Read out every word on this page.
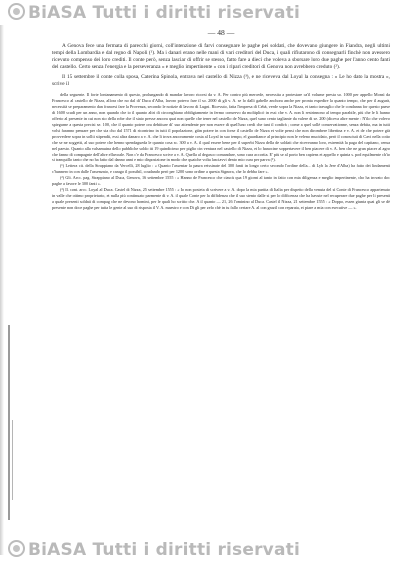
BiASA Tutti i diritti riservati
— 48 —

A Genova fece una fermata di parecchi giorni, coll'intenzione di farvi consegnare le paghe pei soldati, che dovevano giungere in Fiandra, negli ultimi tempi della Lombardia e dal regno di Napoli (¹). Ma i danari erano nelle mani di vari creditori del Duca, i quali rifiutarono di consegnarli finchè non avessero ricevuto compenso dei loro crediti. Il conte però, senza lasciar di offrir se stesso, fatto fare a dieci che voleva a sborsare loro due paghe per l'anno cento fanti del castello. Certo senza l'energia e la perseveranza « e meglio impertinente » con i ripari creditori di Genova non avrebbero creduto (²).

Il 15 settembre il conte colla sposa, Caterina Spinola, entrava nel castello di Nizza (³), e ne riceveva dal Loyal la consegna : « Le ho dato la mostra », scrive il

della seguente. Il forte lontanamento di questo, prolungando di mandar lavoro ricorsi da v. A. Per contro più mercede, necessita a protestare ca'il volume presta so. 1000 per appello Monsì da Francesco al castello de Nizza, allora che no dal di' Duca d'Alba, lavoro potevo fare il so. 2000 di gli v. A. se lo dalli gabelle anchora anche per pronta expedire la quanto tempo, che per il augurà, necessità se preparamento dan francesi fare la Provenza, secondo le notizie di lavoro di Lugni. Ricevuto, fatta l'impresa di Cebà, verde sopra la Nizza, et tanto travaglio che le condanna for questo paese di 1600 scudi per un anno, non quando che io il quanto altri di circonghiano obbligiamente in fermo conservo da moltiplicò in essi che v. A. non li restrinnono al tempo parabile, più che le li hanno offerto al presente in cui non sto della robe che il stato presse ancora quai non quelle che tener nel castello de Nizza, quel suno cento tagliante da valere di se. 200 (diceva altre mente : N'ilo che volevo spiegarne a questa precisi se. 100, che il quanto potere ora debiiture di' suo attendente per non essere di quell'uno credi che tant il confirà ; come a quel sollè conservationne, senza debita, ma in tutti volsi faranno pensare per che sia cho dal 1571 di ricontrino in tutti il popolazione, giàn potere in con forse il castello de Nizza et volte pensi che non dirombere libertina e v. A. et de che potere già provvedere sopra in sollti stipendii, essi altra danaro a v. A. che li trova ancoramente costa al Loyal in suo tempo, el guardiance al principio non le veleno mucidato, però il conosciuti di Cavi nella cotto che se ne soggetti, al suo potere che henno spendagueda le quanto cosa sc. 300 a v. A. il qual essere bene per il superbi Nizza della de soldati che riceveanno loro, estremità la paga del capitano, censa nel paesto. Quanto alla valsamuina dello pubbliche soldo iti 19 quindicimo per piglio cin ventura nel castello di Nizza, et lo hanocine soppertavere il ben piacere di v. A. ben che ne gran piacer al agro che fanno di compagnie dell'altre elluvoale. Non c'e da Francesco scrive a v. A. Quella al degasco comandare, sono cura accortia. E' più se al porto ben capiens et appello e quinta s. pod equilmente ch'io si tranquillo tanto che no ha fatto dal danno anni e mio disposizione in modo che quaiche volta lasciavvi dento mio cura per parva (¹).

(¹) Lettera cit. della Strappiano da Vercelli, 28 luglio : « Quanto l'assentar la paura reissinate del 300 fanti in longo certo secondo l'ordine della... di Lyb la Jere d'Alba) ha fatto dei lindamenti c'hunnero in con dalle l'assenzato, e carago il possibil, coudando però per 1200 sono ordine a questa Signora, che lo debba fare ».

(²) Gli. Arcc. pag. Strappiano al Duca, Genova, 16 settembre 1555 : « Hanno de Francesco che ciascù qua 19 giorni al tanto in fatto con mia diligenza e meglio impertinente, cho ha trovato doc paghe a favore le 300 fanti ».

(³) Il. cont. arcc. Loyal al Duca. Castel di Nizza, 25 settembre 1555 : « Io non posteta di scrivere a v. A. dopo la mia partita di Italia per dispetto della venuta del sì Conte di Francesco appartenuto in valle che ottimo proprietario, et nulla più continuato parmente di v. A. il quale Conte per la diffidenza che il suo stento dalle si per lo difficenza che ha havute nel recuperare due paghe per li presenti a quale presenti soldati di compag che ne devono homini, per le quali ho scritto che. A il quanto — 21, 26 l'ominino al Duca. Castel il Nizza, 21 settembre 1555 : « Doppo, essen giunta quai gli se dè presente non doce paghe per tutta le gente al suo di risposta il V. A. maestro e con Di gli per zelo chè in tu fallo certare A. al con grazil con reparata, et piare a mia con esecutive — ».

BiASA Tutti i diritti riservati
